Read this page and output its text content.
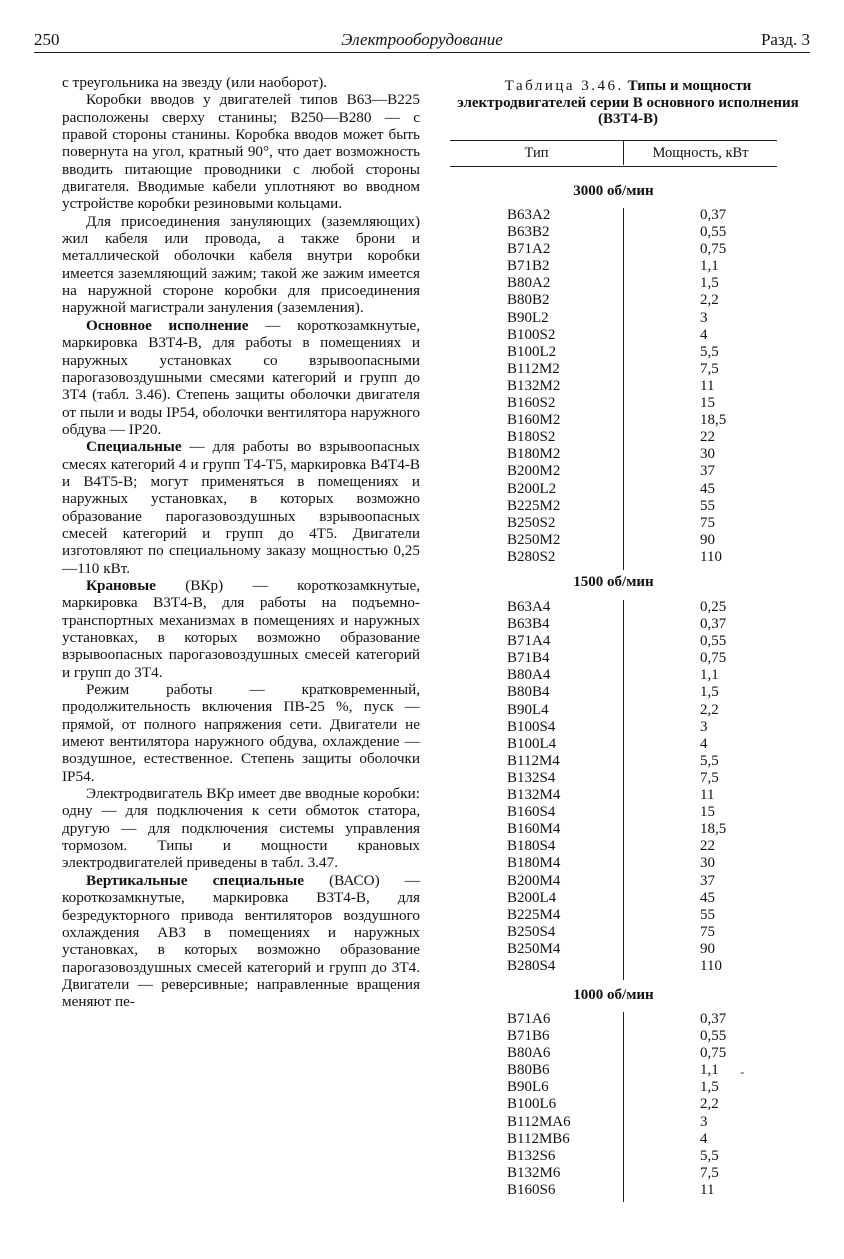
250	Электрооборудование	Разд. 3

с треугольника на звезду (или наоборот).

Коробки вводов у двигателей типов В63—В225 расположены сверху станины; В250—В280 — с правой стороны станины. Коробка вводов может быть повернута на угол, кратный 90°, что дает возможность вводить питающие проводники с любой стороны двигателя. Вводимые кабели уплотняют во вводном устройстве коробки резиновыми кольцами.

Для присоединения зануляющих (заземляющих) жил кабеля или провода, а также брони и металлической оболочки кабеля внутри коробки имеется заземляющий зажим; такой же зажим имеется на наружной стороне коробки для присоединения наружной магистрали зануления (заземления).

Основное исполнение — короткозамкнутые, маркировка В3Т4-В, для работы в помещениях и наружных установках со взрывоопасными парогазовоздушными смесями категорий и групп до 3Т4 (табл. 3.46). Степень защиты оболочки двигателя от пыли и воды IP54, оболочки вентилятора наружного обдува — IP20.

Специальные — для работы во взрывоопасных смесях категорий 4 и групп Т4-Т5, маркировка В4Т4-В и В4Т5-В; могут применяться в помещениях и наружных установках, в которых возможно образование парогазовоздушных взрывоопасных смесей категорий и групп до 4Т5. Двигатели изготовляют по специальному заказу мощностью 0,25—110 кВт.

Крановые (ВКр) — короткозамкнутые, маркировка В3Т4-В, для работы на подъемно-транспортных механизмах в помещениях и наружных установках, в которых возможно образование взрывоопасных парогазовоздушных смесей категорий и групп до 3Т4.

Режим работы — кратковременный, продолжительность включения ПВ-25 %, пуск — прямой, от полного напряжения сети. Двигатели не имеют вентилятора наружного обдува, охлаждение — воздушное, естественное. Степень защиты оболочки IP54.

Электродвигатель ВКр имеет две вводные коробки: одну — для подключения к сети обмоток статора, другую — для подключения системы управления тормозом. Типы и мощности крановых электродвигателей приведены в табл. 3.47.

Вертикальные специальные (ВАСО) — короткозамкнутые, маркировка В3Т4-В, для безредукторного привода вентиляторов воздушного охлаждения АВЗ в помещениях и наружных установках, в которых возможно образование парогазовоздушных смесей категорий и групп до 3Т4. Двигатели — реверсивные; направленные вращения меняют пе-

Таблица 3.46. Типы и мощности электродвигателей серии В основного исполнения (В3Т4-В)
Тип	Мощность, кВт
3000 об/мин
В63А2	0,37
В63В2	0,55
В71А2	0,75
В71В2	1,1
В80А2	1,5
В80В2	2,2
В90L2	3
В100S2	4
В100L2	5,5
В112М2	7,5
В132М2	11
В160S2	15
В160М2	18,5
В180S2	22
В180М2	30
В200М2	37
В200L2	45
В225М2	55
В250S2	75
В250М2	90
В280S2	110
1500 об/мин
В63А4	0,25
В63В4	0,37
В71А4	0,55
В71В4	0,75
В80А4	1,1
В80В4	1,5
В90L4	2,2
В100S4	3
В100L4	4
В112М4	5,5
В132S4	7,5
В132М4	11
В160S4	15
В160М4	18,5
В180S4	22
В180М4	30
В200М4	37
В200L4	45
В225М4	55
В250S4	75
В250М4	90
В280S4	110
1000 об/мин
В71А6	0,37
В71В6	0,55
В80А6	0,75
В80В6	1,1
В90L6	1,5
В100L6	2,2
В112МА6	3
В112МВ6	4
В132S6	5,5
В132М6	7,5
В160S6	11
-
